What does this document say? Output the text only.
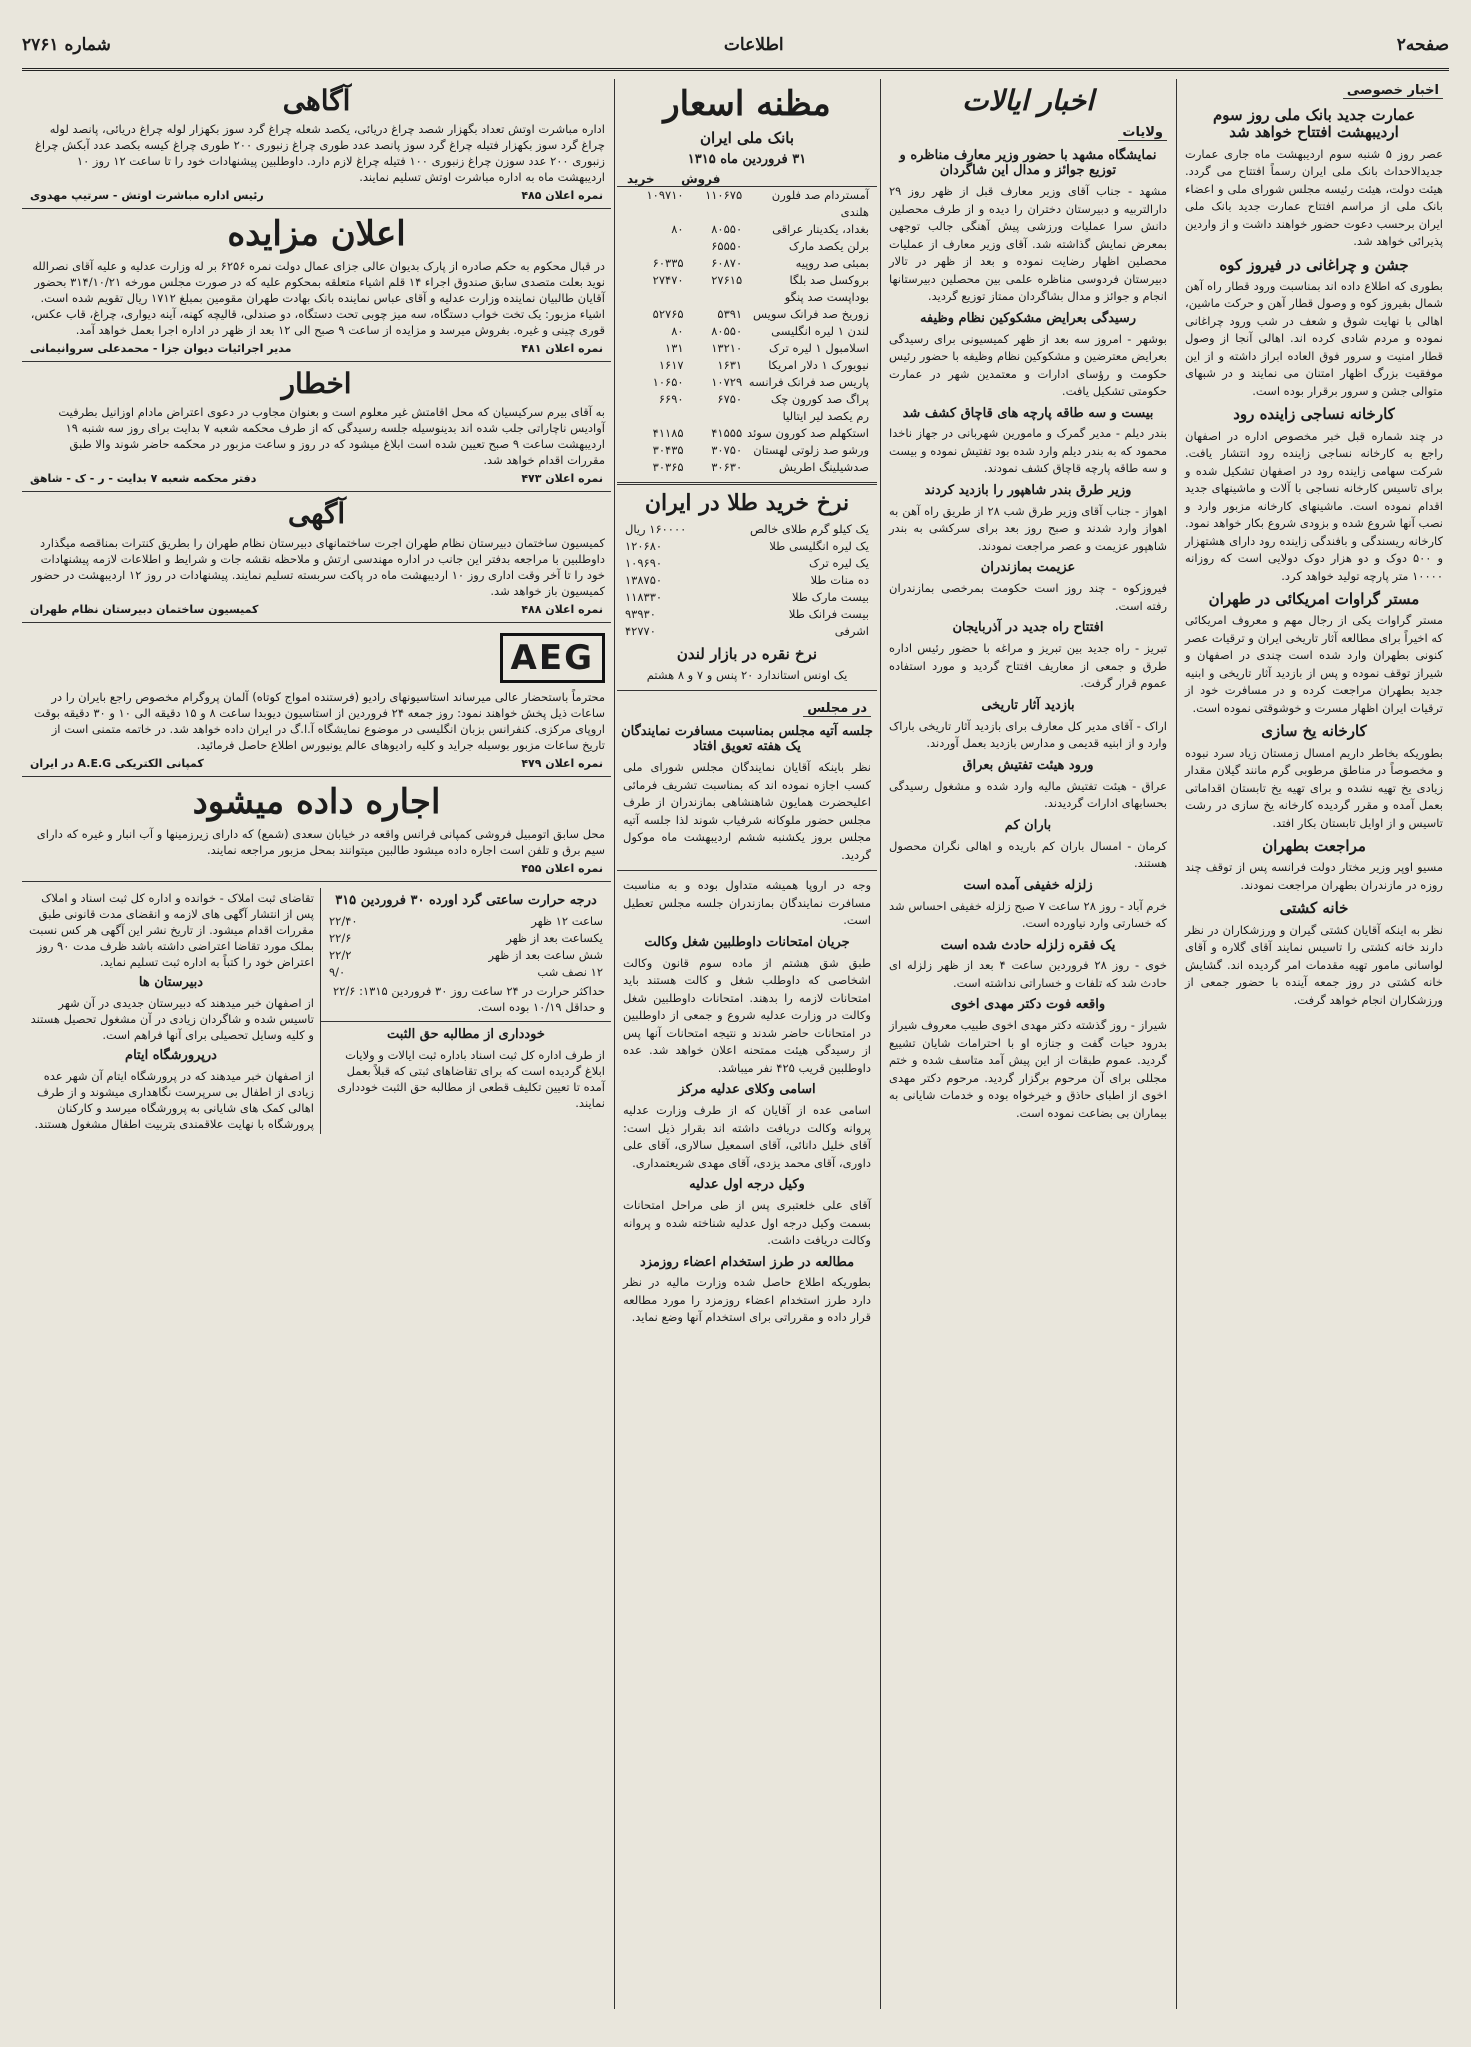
صفحه۲
اطلاعات
شماره ۲۷۶۱
اخبار خصوصی
عمارت جدید بانک ملی روز سوم اردیبهشت افتتاح خواهد شد

عصر روز ۵ شنبه سوم اردیبهشت ماه جاری عمارت جدیدالاحداث بانک ملی ایران رسماً افتتاح می گردد. هیئت دولت، هیئت رئیسه مجلس شورای ملی و اعضاء بانک ملی از مراسم افتتاح عمارت جدید بانک ملی ایران برحسب دعوت حضور خواهند داشت و از واردین پذیرائی خواهد شد.

جشن و چراغانی در فیروز کوه

بطوری که اطلاع داده اند بمناسبت ورود قطار راه آهن شمال بفیروز کوه و وصول قطار آهن و حرکت ماشین، اهالی با نهایت شوق و شعف در شب ورود چراغانی نموده و مردم شادی کرده اند. اهالی آنجا از وصول قطار امنیت و سرور فوق العاده ابراز داشته و از این موفقیت بزرگ اظهار امتنان می نمایند و در شبهای متوالی جشن و سرور برقرار بوده است.

کارخانه نساجی زاینده رود

در چند شماره قبل خبر مخصوص اداره در اصفهان راجع به کارخانه نساجی زاینده رود انتشار یافت. شرکت سهامی زاینده رود در اصفهان تشکیل شده و برای تاسیس کارخانه نساجی با آلات و ماشینهای جدید اقدام نموده است. ماشینهای کارخانه مزبور وارد و نصب آنها شروع شده و بزودی شروع بکار خواهد نمود. کارخانه ریسندگی و بافندگی زاینده رود دارای هشتهزار و ۵۰۰ دوک و دو هزار دوک دولایی است که روزانه ۱۰۰۰۰ متر پارچه تولید خواهد کرد.

مستر گراوات امریکائی در طهران

مستر گراوات یکی از رجال مهم و معروف امریکائی که اخیراً برای مطالعه آثار تاریخی ایران و ترقیات عصر کنونی بطهران وارد شده است چندی در اصفهان و شیراز توقف نموده و پس از بازدید آثار تاریخی و ابنیه جدید بطهران مراجعت کرده و در مسافرت خود از ترقیات ایران اظهار مسرت و خوشوقتی نموده است.

کارخانه یخ سازی

بطوریکه بخاطر داریم امسال زمستان زیاد سرد نبوده و مخصوصاً در مناطق مرطوبی گرم مانند گیلان مقدار زیادی یخ تهیه نشده و برای تهیه یخ تابستان اقداماتی بعمل آمده و مقرر گردیده کارخانه یخ سازی در رشت تاسیس و از اوایل تابستان بکار افتد.

مراجعت بطهران

مسیو اوپر وزیر مختار دولت فرانسه پس از توقف چند روزه در مازندران بطهران مراجعت نمودند.

خانه کشتی

نظر به اینکه آقایان کشتی گیران و ورزشکاران در نظر دارند خانه کشتی را تاسیس نمایند آقای گلاره و آقای لواسانی مامور تهیه مقدمات امر گردیده اند. گشایش خانه کشتی در روز جمعه آینده با حضور جمعی از ورزشکاران انجام خواهد گرفت.

اخبار ایالات
ولایات
نمایشگاه مشهد با حضور وزیر معارف مناظره و توزیع جوائز و مدال این شاگردان

مشهد - جناب آقای وزیر معارف قبل از ظهر روز ۲۹ دارالتربیه و دبیرستان دختران را دیده و از طرف محصلین دانش سرا عملیات ورزشی پیش آهنگی جالب توجهی بمعرض نمایش گذاشته شد. آقای وزیر معارف از عملیات محصلین اظهار رضایت نموده و بعد از ظهر در تالار دبیرستان فردوسی مناظره علمی بین محصلین دبیرستانها انجام و جوائز و مدال بشاگردان ممتاز توزیع گردید.

رسیدگی بعرایض مشکوکین نظام وظیفه

بوشهر - امروز سه بعد از ظهر کمیسیونی برای رسیدگی بعرایض معترضین و مشکوکین نظام وظیفه با حضور رئیس حکومت و رؤسای ادارات و معتمدین شهر در عمارت حکومتی تشکیل یافت.

بیست و سه طاقه پارچه های قاچاق کشف شد

بندر دیلم - مدیر گمرک و مامورین شهربانی در جهاز ناخدا محمود که به بندر دیلم وارد شده بود تفتیش نموده و بیست و سه طاقه پارچه قاچاق کشف نمودند.

وزیر طرق بندر شاهپور را بازدید کردند

اهواز - جناب آقای وزیر طرق شب ۲۸ از طریق راه آهن به اهواز وارد شدند و صبح روز بعد برای سرکشی به بندر شاهپور عزیمت و عصر مراجعت نمودند.

عزیمت بمازندران

فیروزکوه - چند روز است حکومت بمرخصی بمازندران رفته است.

افتتاح راه جدید در آذربایجان

تبریز - راه جدید بین تبریز و مراغه با حضور رئیس اداره طرق و جمعی از معاریف افتتاح گردید و مورد استفاده عموم قرار گرفت.

بازدید آثار تاریخی

اراک - آقای مدیر کل معارف برای بازدید آثار تاریخی باراک وارد و از ابنیه قدیمی و مدارس بازدید بعمل آوردند.

ورود هیئت تفتیش بعراق

عراق - هیئت تفتیش مالیه وارد شده و مشغول رسیدگی بحسابهای ادارات گردیدند.

باران کم

کرمان - امسال باران کم باریده و اهالی نگران محصول هستند.

زلزله خفیفی آمده است

خرم آباد - روز ۲۸ ساعت ۷ صبح زلزله خفیفی احساس شد که خسارتی وارد نیاورده است.

یک فقره زلزله حادث شده است

خوی - روز ۲۸ فروردین ساعت ۴ بعد از ظهر زلزله ای حادث شد که تلفات و خساراتی نداشته است.

واقعه فوت دکتر مهدی اخوی

شیراز - روز گذشته دکتر مهدی اخوی طبیب معروف شیراز بدرود حیات گفت و جنازه او با احترامات شایان تشییع گردید. عموم طبقات از این پیش آمد متاسف شده و ختم مجللی برای آن مرحوم برگزار گردید. مرحوم دکتر مهدی اخوی از اطبای حاذق و خیرخواه بوده و خدمات شایانی به بیماران بی بضاعت نموده است.

مظنه اسعار
بانک ملی ایران
۳۱ فروردین ماه ۱۳۱۵
فروش
خرید
آمستردام صد فلورن هلندی
۱۱۰۶۷۵
۱۰۹۷۱۰
بغداد، یکدینار عراقی
۸۰۵۵۰
۸۰
برلن یکصد مارک
۶۵۵۵۰
بمبئی صد روپیه
۶۰۸۷۰
۶۰۳۳۵
بروکسل صد بلگا
۲۷۶۱۵
۲۷۴۷۰
بوداپست صد پنگو
زوریخ صد فرانک سویس
۵۳۹۱
۵۲۷۶۵
لندن ۱ لیره انگلیسی
۸۰۵۵۰
۸۰
اسلامبول ۱ لیره ترک
۱۳۲۱۰
۱۳۱
نیویورک ۱ دلار امریکا
۱۶۳۱
۱۶۱۷
پاریس صد فرانک فرانسه
۱۰۷۲۹
۱۰۶۵۰
پراگ صد کورون چک
۶۷۵۰
۶۶۹۰
رم یکصد لیر ایتالیا
استکهلم صد کورون سوئد
۴۱۵۵۵
۴۱۱۸۵
ورشو صد زلوتی لهستان
۳۰۷۵۰
۳۰۴۳۵
صدشیلینگ اطریش
۳۰۶۳۰
۳۰۳۶۵
نرخ خرید طلا در ایران
یک کیلو گرم طلای خالص
۱۶۰۰۰۰ ریال
یک لیره انگلیسی طلا
۱۲۰۶۸۰
یک لیره ترک
۱۰۹۶۹۰
ده منات طلا
۱۳۸۷۵۰
بیست مارک طلا
۱۱۸۳۳۰
بیست فرانک طلا
۹۳۹۳۰
اشرفی
۴۲۷۷۰
نرخ نقره در بازار لندن

یک اونس استاندارد ۲۰ پنس و ۷ و ۸ هشتم

در مجلس
جلسه آتیه مجلس بمناسبت مسافرت نمایندگان یک هفته تعویق افتاد

نظر باینکه آقایان نمایندگان مجلس شورای ملی کسب اجازه نموده اند که بمناسبت تشریف فرمائی اعلیحضرت همایون شاهنشاهی بمازندران از طرف مجلس حضور ملوکانه شرفیاب شوند لذا جلسه آتیه مجلس بروز یکشنبه ششم اردیبهشت ماه موکول گردید.

وجه در اروپا همیشه متداول بوده و به مناسبت مسافرت نمایندگان بمازندران جلسه مجلس تعطیل است.

جریان امتحانات داوطلبین شغل وکالت

طبق شق هشتم از ماده سوم قانون وکالت اشخاصی که داوطلب شغل و کالت هستند باید امتحانات لازمه را بدهند. امتحانات داوطلبین شغل وکالت در وزارت عدلیه شروع و جمعی از داوطلبین در امتحانات حاضر شدند و نتیجه امتحانات آنها پس از رسیدگی هیئت ممتحنه اعلان خواهد شد. عده داوطلبین قریب ۴۲۵ نفر میباشد.

اسامی وکلای عدلیه مرکز

اسامی عده از آقایان که از طرف وزارت عدلیه پروانه وکالت دریافت داشته اند بقرار ذیل است: آقای خلیل دانائی، آقای اسمعیل سالاری، آقای علی داوری، آقای محمد یزدی، آقای مهدی شریعتمداری.

وکیل درجه اول عدلیه

آقای علی خلعتبری پس از طی مراحل امتحانات بسمت وکیل درجه اول عدلیه شناخته شده و پروانه وکالت دریافت داشت.

مطالعه در طرز استخدام اعضاء روزمزد

بطوریکه اطلاع حاصل شده وزارت مالیه در نظر دارد طرز استخدام اعضاء روزمزد را مورد مطالعه قرار داده و مقرراتی برای استخدام آنها وضع نماید.

آگاهی

اداره مباشرت اوتش تعداد بگهزار شصد چراغ دریائی، یکصد شعله چراغ گرد سوز بکهزار لوله چراغ دریائی، پانصد لوله چراغ گرد سوز بکهزار فتیله چراغ گرد سوز پانصد عدد طوری چراغ زنبوری ۲۰۰ طوری چراغ کیسه بکصد عدد آبکش چراغ زنبوری ۲۰۰ عدد سوزن چراغ زنبوری ۱۰۰ فتیله چراغ لازم دارد. داوطلبین پیشنهادات خود را تا ساعت ۱۲ روز ۱۰ اردیبهشت ماه به اداره مباشرت اوتش تسلیم نمایند.

نمره اعلان ۴۸۵
رئیس اداره مباشرت اوتش - سرتیپ مهدوی
اعلان مزایده

در قبال محکوم به حکم صادره از پارک بدیوان عالی جزای عمال دولت نمره ۶۲۵۶ بر له وزارت عدلیه و علیه آقای نصرالله نوید بعلت متصدی سابق صندوق اجراء ۱۴ قلم اشیاء متعلقه بمحکوم علیه که در صورت مجلس مورخه ۳۱۴/۱۰/۲۱ بحضور آقایان طالبیان نماینده وزارت عدلیه و آقای عباس نماینده بانک بهادت طهران مقومین بمبلغ ۱۷۱۲ ریال تقویم شده است. اشیاء مزبور: یک تخت خواب دستگاه، سه میز چوبی تحت دستگاه، دو صندلی، قالیچه کهنه، آینه دیواری، چراغ، قاب عکس، قوری چینی و غیره. بفروش میرسد و مزایده از ساعت ۹ صبح الی ۱۲ بعد از ظهر در اداره اجرا بعمل خواهد آمد.

نمره اعلان ۴۸۱
مدیر اجرائیات دیوان جزا - محمدعلی سروانیمانی
اخطار

به آقای بیرم سرکیسیان که محل اقامتش غیر معلوم است و بعنوان مجاوب در دعوی اعتراض مادام اوزانیل بطرفیت آوادیس ناچاراتی جلب شده اند بدینوسیله جلسه رسیدگی که از طرف محکمه شعبه ۷ بدایت برای روز سه شنبه ۱۹ اردیبهشت ساعت ۹ صبح تعیین شده است ابلاغ میشود که در روز و ساعت مزبور در محکمه حاضر شوند والا طبق مقررات اقدام خواهد شد.

نمره اعلان ۴۷۳
دفتر محکمه شعبه ۷ بدایت - ر - ک - شاهق
آگهی

کمیسیون ساختمان دبیرستان نظام طهران اجرت ساختمانهای دبیرستان نظام طهران را بطریق کنترات بمناقصه میگذارد داوطلبین با مراجعه بدفتر این جانب در اداره مهندسی ارتش و ملاحظه نقشه جات و شرایط و اطلاعات لازمه پیشنهادات خود را تا آخر وقت اداری روز ۱۰ اردیبهشت ماه در پاکت سربسته تسلیم نمایند. پیشنهادات در روز ۱۲ اردیبهشت در حضور کمیسیون باز خواهد شد.

نمره اعلان ۴۸۸
کمیسیون ساختمان دبیرستان نظام طهران
AEG

محترماً باستحضار عالی میرساند استاسیونهای رادیو (فرستنده امواج کوتاه) آلمان پروگرام مخصوص راجع بایران را در ساعات ذیل پخش خواهند نمود: روز جمعه ۲۴ فروردین از استاسیون دیوبدا ساعت ۸ و ۱۵ دقیقه الی ۱۰ و ۳۰ دقیقه بوقت اروپای مرکزی. کنفرانس بزبان انگلیسی در موضوع نمایشگاه آ.ا.گ در ایران داده خواهد شد. در خاتمه متمنی است از تاریخ ساعات مزبور بوسیله جراید و کلیه رادیوهای عالم یونیورس اطلاع حاصل فرمائید.

نمره اعلان ۴۷۹
کمپانی الکتریکی A.E.G در ایران
اجاره داده میشود

محل سابق اتومبیل فروشی کمپانی فرانس واقعه در خیابان سعدی (شمع) که دارای زیرزمینها و آب انبار و غیره که دارای سیم برق و تلفن است اجاره داده میشود طالبین میتوانند بمحل مزبور مراجعه نمایند.

نمره اعلان ۴۵۵
درجه حرارت ساعتی گرد اورده ۳۰ فروردین ۳۱۵
ساعت ۱۲ ظهر
۲۲/۴۰
یکساعت بعد از ظهر
۲۲/۶
شش ساعت بعد از ظهر
۲۲/۲
۱۲ نصف شب
۹/۰

حداکثر حرارت در ۲۴ ساعت روز ۳۰ فروردین ۱۳۱۵: ۲۲/۶ و حداقل ۱۰/۱۹ بوده است.

خودداری از مطالبه حق الثبت

از طرف اداره کل ثبت اسناد باداره ثبت ایالات و ولایات ابلاغ گردیده است که برای تقاضاهای ثبتی که قبلاً بعمل آمده تا تعیین تکلیف قطعی از مطالبه حق الثبت خودداری نمایند.

تقاضای ثبت املاک - خوانده و اداره کل ثبت اسناد و املاک پس از انتشار آگهی های لازمه و انقضای مدت قانونی طبق مقررات اقدام میشود. از تاریخ نشر این آگهی هر کس نسبت بملک مورد تقاضا اعتراضی داشته باشد ظرف مدت ۹۰ روز اعتراض خود را کتباً به اداره ثبت تسلیم نماید.

دبیرستان ها

از اصفهان خبر میدهند که دبیرستان جدیدی در آن شهر تاسیس شده و شاگردان زیادی در آن مشغول تحصیل هستند و کلیه وسایل تحصیلی برای آنها فراهم است.

درپرورشگاه ایتام

از اصفهان خبر میدهند که در پرورشگاه ایتام آن شهر عده زیادی از اطفال بی سرپرست نگاهداری میشوند و از طرف اهالی کمک های شایانی به پرورشگاه میرسد و کارکنان پرورشگاه با نهایت علاقمندی بتربیت اطفال مشغول هستند.
